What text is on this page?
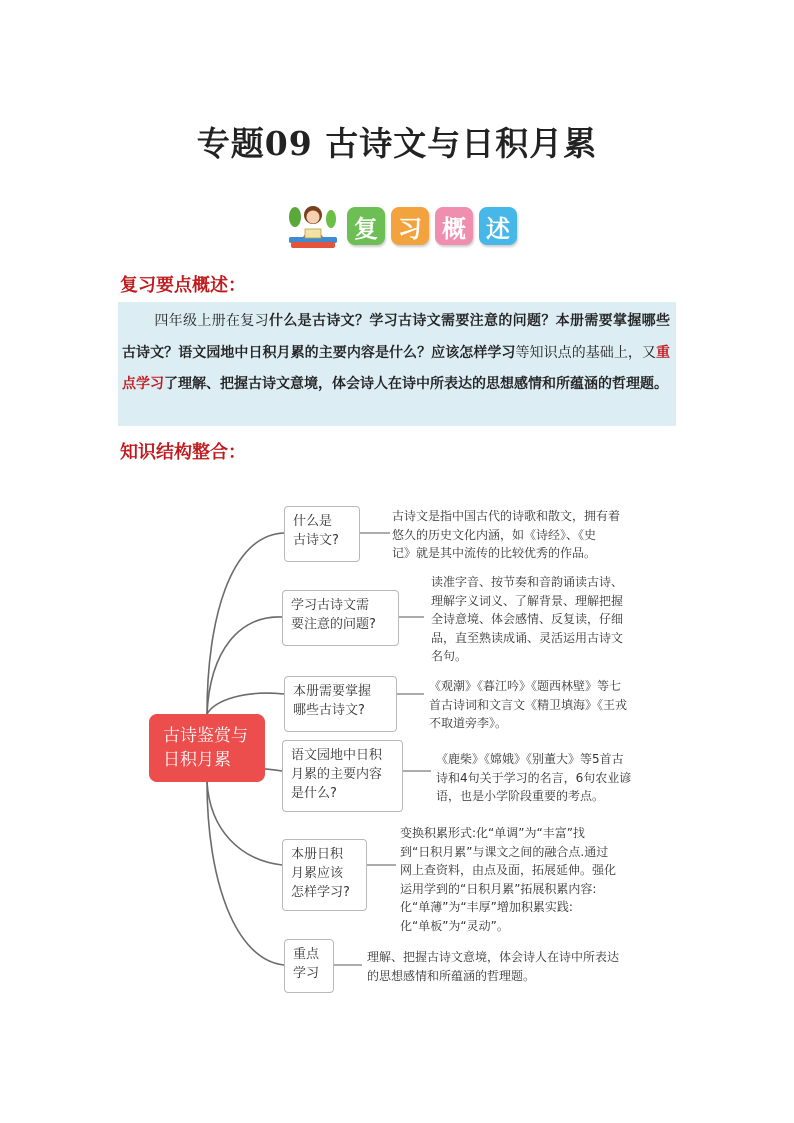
专题09 古诗文与日积月累
复 习 概 述
复习要点概述：
四年级上册在复习什么是古诗文？学习古诗文需要注意的问题？本册需要掌握哪些古诗文？语文园地中日积月累的主要内容是什么？应该怎样学习等知识点的基础上，又重点学习了理解、把握古诗文意境，体会诗人在诗中所表达的思想感情和所蕴涵的哲理题。
知识结构整合：
古诗鉴赏与
日积月累
什么是
古诗文?
古诗文是指中国古代的诗歌和散文，拥有着
悠久的历史文化内涵，如《诗经》、《史
记》就是其中流传的比较优秀的作品。
学习古诗文需
要注意的问题?
读准字音、按节奏和音韵诵读古诗、
理解字义词义、了解背景、理解把握
全诗意境、体会感情、反复读，仔细
品，直至熟读成诵、灵活运用古诗文
名句。
本册需要掌握
哪些古诗文?
《观潮》《暮江吟》《题西林壁》等七
首古诗词和文言文《精卫填海》《王戎
不取道旁李》。
语文园地中日积
月累的主要内容
是什么?
《鹿柴》《嫦娥》《别董大》等5首古
诗和4句关于学习的名言，6句农业谚
语，也是小学阶段重要的考点。
本册日积
月累应该
怎样学习?
变换积累形式:化“单调”为“丰富”找
到“日积月累”与课文之间的融合点.通过
网上查资料，由点及面，拓展延伸。强化
运用学到的“日积月累”拓展积累内容:
化“单薄”为“丰厚”增加积累实践:
化“单板”为“灵动”。
重点
学习
理解、把握古诗文意境，体会诗人在诗中所表达
的思想感情和所蕴涵的哲理题。
